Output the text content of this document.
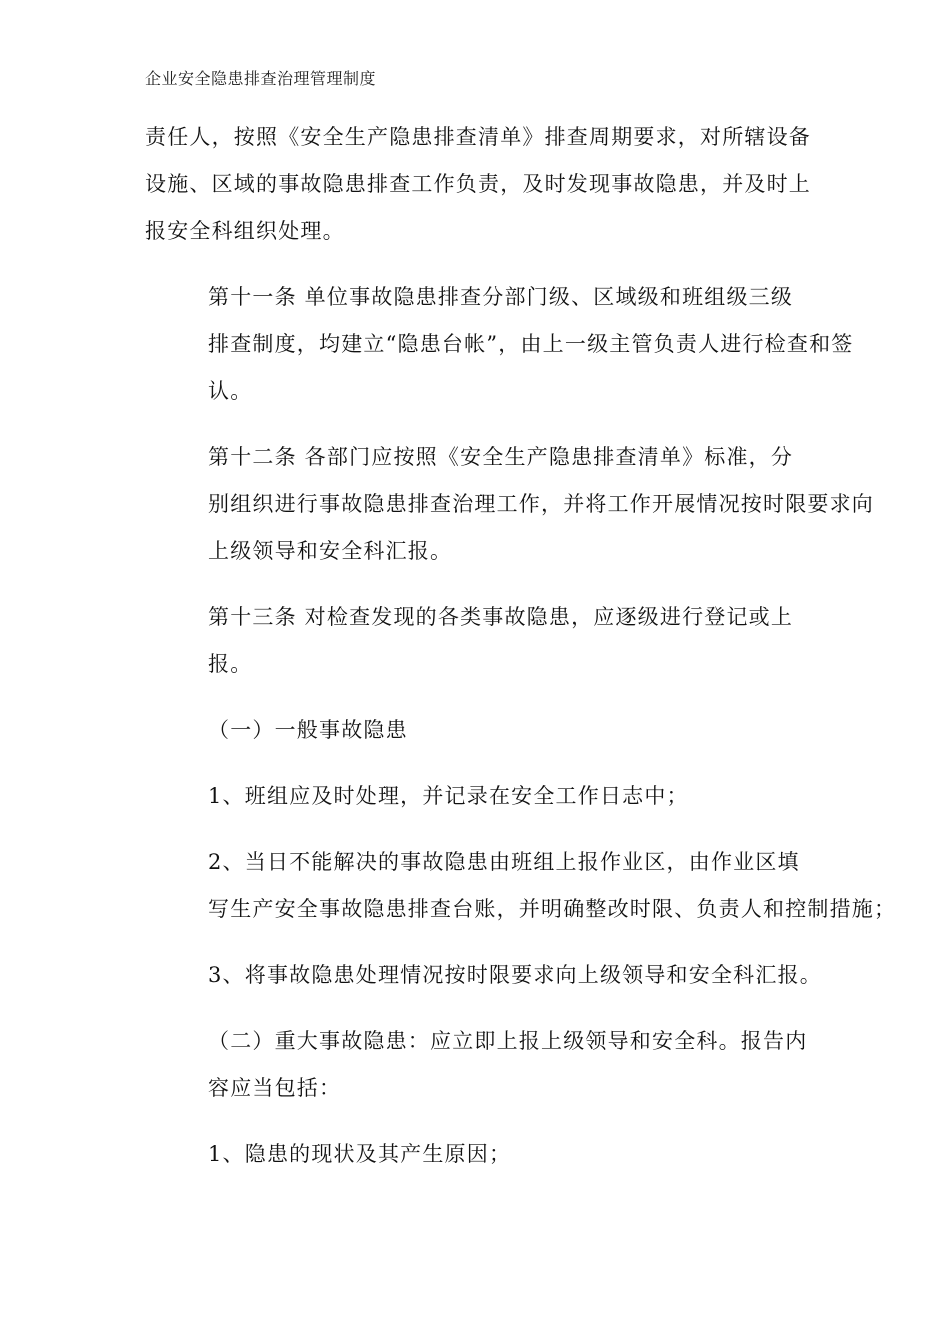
企业安全隐患排查治理管理制度

责任人，按照《安全生产隐患排查清单》排查周期要求，对所辖设备
设施、区域的事故隐患排查工作负责，及时发现事故隐患，并及时上
报安全科组织处理。

第十一条 单位事故隐患排查分部门级、区域级和班组级三级
排查制度，均建立“隐患台帐”，由上一级主管负责人进行检查和签
认。

第十二条 各部门应按照《安全生产隐患排查清单》标准，分
别组织进行事故隐患排查治理工作，并将工作开展情况按时限要求向
上级领导和安全科汇报。

第十三条 对检查发现的各类事故隐患，应逐级进行登记或上
报。

（一）一般事故隐患

1、班组应及时处理，并记录在安全工作日志中；

2、当日不能解决的事故隐患由班组上报作业区，由作业区填
写生产安全事故隐患排查台账，并明确整改时限、负责人和控制措施；

3、将事故隐患处理情况按时限要求向上级领导和安全科汇报。

（二）重大事故隐患：应立即上报上级领导和安全科。报告内
容应当包括：

1、隐患的现状及其产生原因；
